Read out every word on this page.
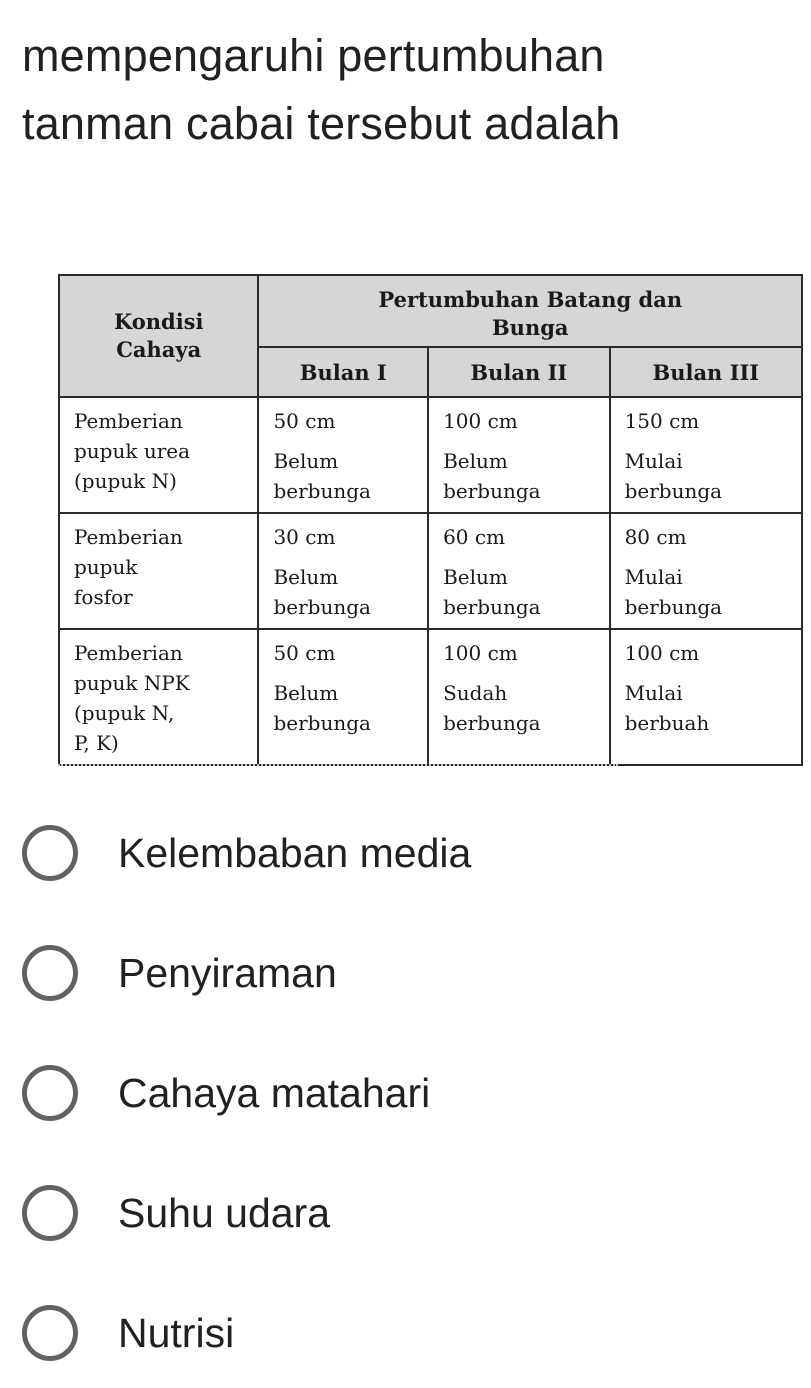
mempengaruhi pertumbuhan
tanman cabai tersebut adalah
Kondisi
Cahaya	Pertumbuhan Batang dan
Bunga		
	Bulan I	Bulan II	Bulan III

Pemberian
pupuk urea
(pupuk N)	50 cm
Belum
berbunga	100 cm
Belum
berbunga	150 cm
Mulai
berbunga

Pemberian
pupuk
fosfor	30 cm
Belum
berbunga	60 cm
Belum
berbunga	80 cm
Mulai
berbunga

Pemberian
pupuk NPK
(pupuk N,
P, K)	50 cm
Belum
berbunga	100 cm
Sudah
berbunga	100 cm
Mulai
berbuah
Kelembaban media
Penyiraman
Cahaya matahari
Suhu udara
Nutrisi
